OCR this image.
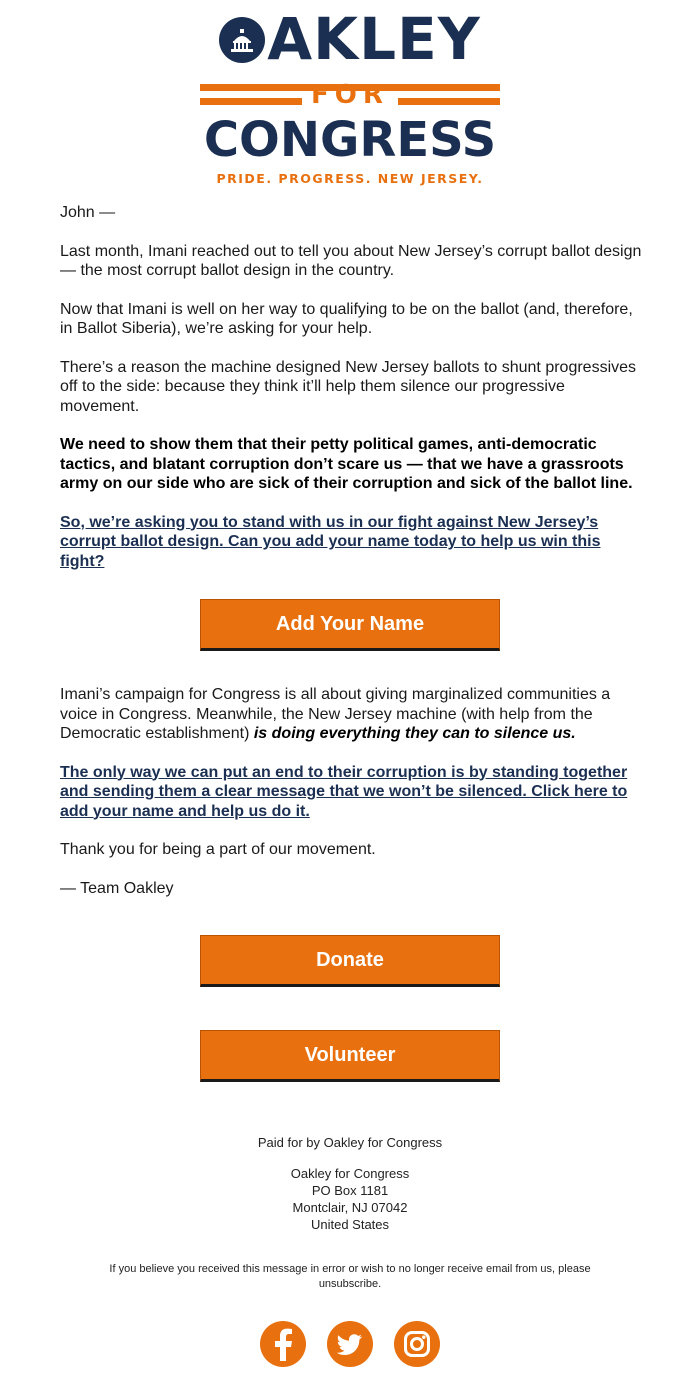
AKLEY
FOR
CONGRESS
PRIDE. PROGRESS. NEW JERSEY.

John —

Last month, Imani reached out to tell you about New Jersey’s corrupt ballot design — the most corrupt ballot design in the country.

Now that Imani is well on her way to qualifying to be on the ballot (and, therefore, in Ballot Siberia), we’re asking for your help.

There’s a reason the machine designed New Jersey ballots to shunt progressives off to the side: because they think it’ll help them silence our progressive movement.

We need to show them that their petty political games, anti-democratic tactics, and blatant corruption don’t scare us — that we have a grassroots army on our side who are sick of their corruption and sick of the ballot line.

So, we’re asking you to stand with us in our fight against New Jersey’s corrupt ballot design. Can you add your name today to help us win this fight?

Add Your Name

Imani’s campaign for Congress is all about giving marginalized communities a voice in Congress. Meanwhile, the New Jersey machine (with help from the Democratic establishment) is doing everything they can to silence us.

The only way we can put an end to their corruption is by standing together and sending them a clear message that we won’t be silenced. Click here to add your name and help us do it.

Thank you for being a part of our movement.

— Team Oakley

Donate
Volunteer

Paid for by Oakley for Congress

Oakley for Congress

PO Box 1181

Montclair, NJ 07042

United States

If you believe you received this message in error or wish to no longer receive email from us, please unsubscribe.
